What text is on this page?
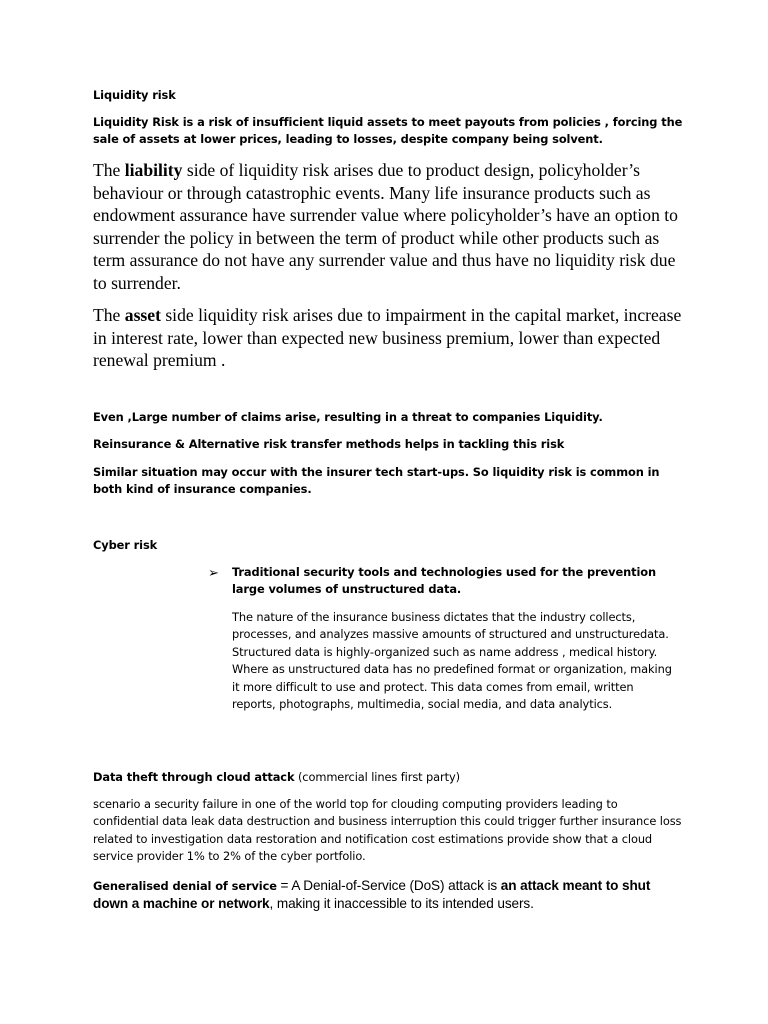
Liquidity risk

Liquidity Risk is a risk of insufficient liquid assets to meet payouts from policies , forcing the sale of assets at lower prices, leading to losses, despite company being solvent.

The liability side of liquidity risk arises due to product design, policyholder’s behaviour or through catastrophic events. Many life insurance products such as endowment assurance have surrender value where policyholder’s have an option to surrender the policy in between the term of product while other products such as term assurance do not have any surrender value and thus have no liquidity risk due to surrender.

The asset side liquidity risk arises due to impairment in the capital market, increase in interest rate, lower than expected new business premium, lower than expected renewal premium .

Even ,Large number of claims arise, resulting in a threat to companies Liquidity.

Reinsurance & Alternative risk transfer methods helps in tackling this risk

Similar situation may occur with the insurer tech start-ups. So liquidity risk is common in both kind of insurance companies.

Cyber risk

➢ Traditional security tools and technologies used for the prevention large volumes of unstructured data.

The nature of the insurance business dictates that the industry collects, processes, and analyzes massive amounts of structured and unstructuredata. Structured data is highly-organized such as name address , medical history. Where as unstructured data has no predefined format or organization, making it more difficult to use and protect. This data comes from email, written reports, photographs, multimedia, social media, and data analytics.

Data theft through cloud attack (commercial lines first party)

scenario a security failure in one of the world top for clouding computing providers leading to confidential data leak data destruction and business interruption this could trigger further insurance loss related to investigation data restoration and notification cost estimations provide show that a cloud service provider 1% to 2% of the cyber portfolio.

Generalised denial of service = A Denial-of-Service (DoS) attack is an attack meant to shut down a machine or network, making it inaccessible to its intended users.
